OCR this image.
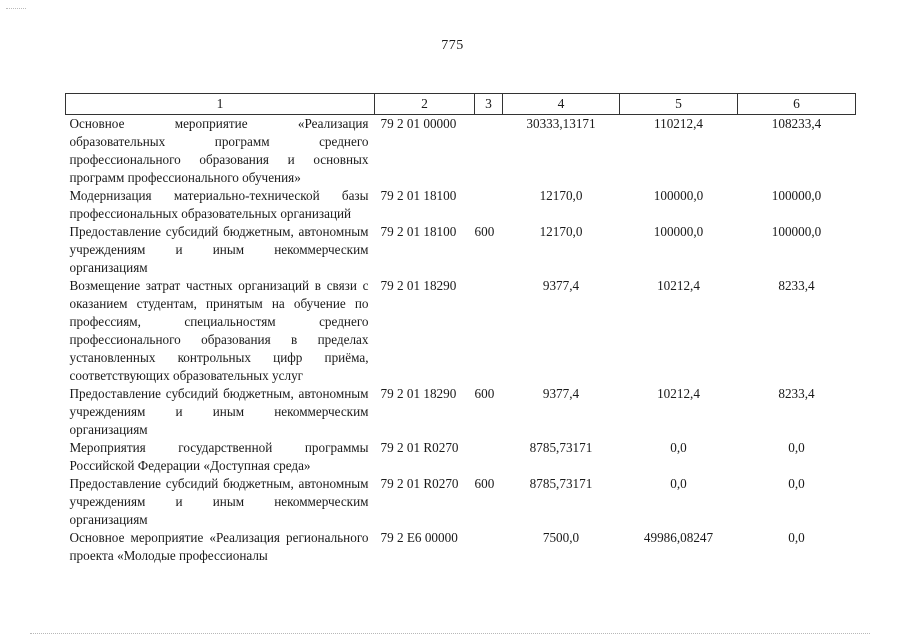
775
1	2	3	4	5	6
Основное мероприятие «Реализация образовательных программ среднего профессионального образования и основных программ профессионального обучения»	79 2 01 00000		30333,13171	110212,4	108233,4
Модернизация материально-технической базы профессиональных образовательных организаций	79 2 01 18100		12170,0	100000,0	100000,0
Предоставление субсидий бюджетным, автономным учреждениям и иным некоммерческим организациям	79 2 01 18100	600	12170,0	100000,0	100000,0
Возмещение затрат частных организаций в связи с оказанием студентам, принятым на обучение по профессиям, специальностям среднего профессионального образования в пределах установленных контрольных цифр приёма, соответствующих образовательных услуг	79 2 01 18290		9377,4	10212,4	8233,4
Предоставление субсидий бюджетным, автономным учреждениям и иным некоммерческим организациям	79 2 01 18290	600	9377,4	10212,4	8233,4
Мероприятия государственной программы Российской Федерации «Доступная среда»	79 2 01 R0270		8785,73171	0,0	0,0
Предоставление субсидий бюджетным, автономным учреждениям и иным некоммерческим организациям	79 2 01 R0270	600	8785,73171	0,0	0,0
Основное мероприятие «Реализация регионального проекта «Молодые профессионалы	79 2 E6 00000		7500,0	49986,08247	0,0
